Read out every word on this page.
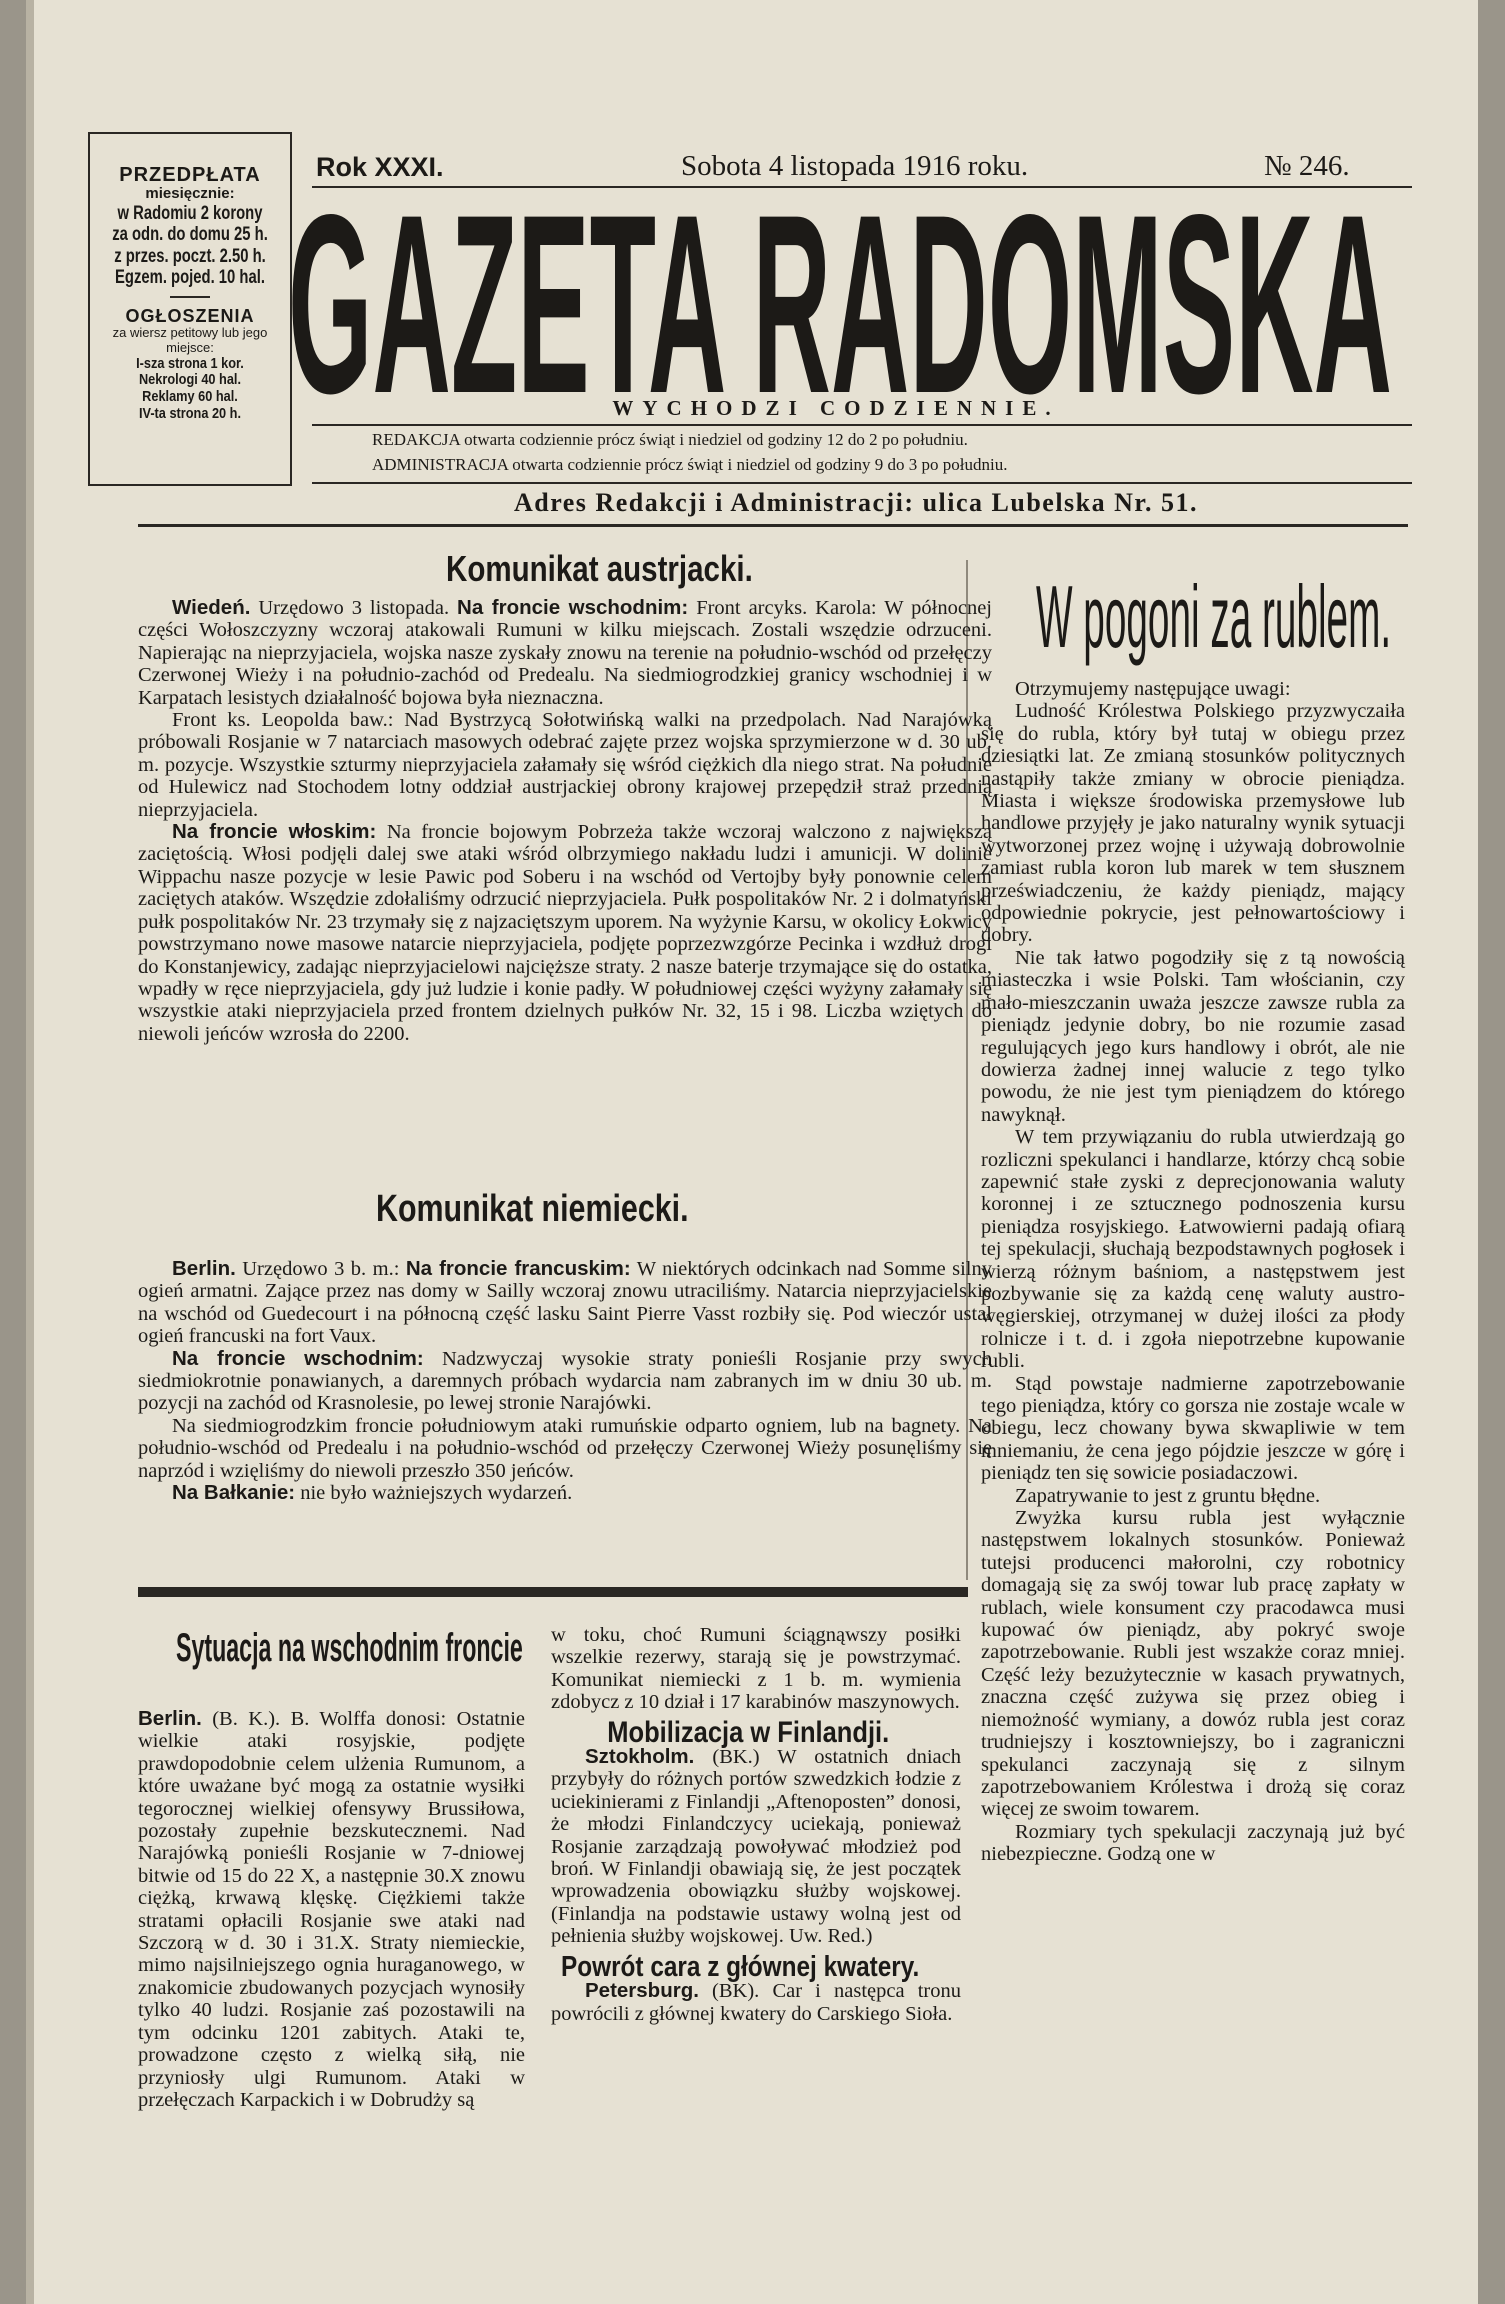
PRZEDPŁATA
miesięcznie:
w Radomiu 2 korony
za odn. do domu 25 h.
z przes. poczt. 2.50 h.
Egzem. pojed. 10 hal.
OGŁOSZENIA
za wiersz petitowy lub jego miejsce:
I-sza strona 1 kor.
Nekrologi 40 hal.
Reklamy 60 hal.
IV-ta strona 20 h.
Rok XXXI.	Sobota 4 listopada 1916 roku.	№ 246.
GAZETA RADOMSKA
WYCHODZI CODZIENNIE.
REDAKCJA otwarta codziennie prócz świąt i niedziel od godziny 12 do 2 po południu.
ADMINISTRACJA otwarta codziennie prócz świąt i niedziel od godziny 9 do 3 po południu.
Adres Redakcji i Administracji: ulica Lubelska Nr. 51.
Komunikat austrjacki.

Wiedeń. Urzędowo 3 listopada. Na froncie wschodnim: Front arcyks. Karola: W północnej części Wołoszczyzny wczoraj atakowali Rumuni w kilku miejscach. Zostali wszędzie odrzuceni. Napierając na nieprzyjaciela, wojska nasze zyskały znowu na terenie na południo-wschód od przełęczy Czerwonej Wieży i na południo-zachód od Predealu. Na siedmiogrodzkiej granicy wschodniej i w Karpatach lesistych działalność bojowa była nieznaczna.

Front ks. Leopolda baw.: Nad Bystrzycą Sołotwińską walki na przedpolach. Nad Narajówką próbowali Rosjanie w 7 natarciach masowych odebrać zajęte przez wojska sprzymierzone w d. 30 ub. m. pozycje. Wszystkie szturmy nieprzyjaciela załamały się wśród ciężkich dla niego strat. Na południe od Hulewicz nad Stochodem lotny oddział austrjackiej obrony krajowej przepędził straż przednią nieprzyjaciela.

Na froncie włoskim: Na froncie bojowym Pobrzeża także wczoraj walczono z największą zaciętością. Włosi podjęli dalej swe ataki wśród olbrzymiego nakładu ludzi i amunicji. W dolinie Wippachu nasze pozycje w lesie Pawic pod Soberu i na wschód od Vertojby były ponownie celem zaciętych ataków. Wszędzie zdołaliśmy odrzucić nieprzyjaciela. Pułk pospolitaków Nr. 2 i dolmatyński pułk pospolitaków Nr. 23 trzymały się z najzaciętszym uporem. Na wyżynie Karsu, w okolicy Łokwicy powstrzymano nowe masowe natarcie nieprzyjaciela, podjęte poprzezwzgórze Pecinka i wzdłuż drogi do Konstanjewicy, zadając nieprzyjacielowi najcięższe straty. 2 nasze baterje trzymające się do ostatka, wpadły w ręce nieprzyjaciela, gdy już ludzie i konie padły. W południowej części wyżyny załamały się wszystkie ataki nieprzyjaciela przed frontem dzielnych pułków Nr. 32, 15 i 98. Liczba wziętych do niewoli jeńców wzrosła do 2200.

Komunikat niemiecki.

Berlin. Urzędowo 3 b. m.: Na froncie francuskim: W niektórych odcinkach nad Somme silny ogień armatni. Zające przez nas domy w Sailly wczoraj znowu utraciliśmy. Natarcia nieprzyjacielskie na wschód od Guedecourt i na północną część lasku Saint Pierre Vasst rozbiły się. Pod wieczór ustał ogień francuski na fort Vaux.

Na froncie wschodnim: Nadzwyczaj wysokie straty ponieśli Rosjanie przy swych siedmiokrotnie ponawianych, a daremnych próbach wydarcia nam zabranych im w dniu 30 ub. m. pozycji na zachód od Krasnolesie, po lewej stronie Narajówki.

Na siedmiogrodzkim froncie południowym ataki rumuńskie odparto ogniem, lub na bagnety. Na południo-wschód od Predealu i na południo-wschód od przełęczy Czerwonej Wieży posunęliśmy się naprzód i wzięliśmy do niewoli przeszło 350 jeńców.

Na Bałkanie: nie było ważniejszych wydarzeń.

Sytuacja na wschodnim froncie

Berlin. (B. K.). B. Wolffa donosi: Ostatnie wielkie ataki rosyjskie, podjęte prawdopodobnie celem ulżenia Rumunom, a które uważane być mogą za ostatnie wysiłki tegorocznej wielkiej ofensywy Brussiłowa, pozostały zupełnie bezskutecznemi. Nad Narajówką ponieśli Rosjanie w 7-dniowej bitwie od 15 do 22 X, a następnie 30.X znowu ciężką, krwawą klęskę. Ciężkiemi także stratami opłacili Rosjanie swe ataki nad Szczorą w d. 30 i 31.X. Straty niemieckie, mimo najsilniejszego ognia huraganowego, w znakomicie zbudowanych pozycjach wynosiły tylko 40 ludzi. Rosjanie zaś pozostawili na tym odcinku 1201 zabitych. Ataki te, prowadzone często z wielką siłą, nie przyniosły ulgi Rumunom. Ataki w przełęczach Karpackich i w Dobrudży są

w toku, choć Rumuni ściągnąwszy posiłki wszelkie rezerwy, starają się je powstrzymać. Komunikat niemiecki z 1 b. m. wymienia zdobycz z 10 dział i 17 karabinów maszynowych.

Mobilizacja w Finlandji.

Sztokholm. (BK.) W ostatnich dniach przybyły do różnych portów szwedzkich łodzie z uciekinierami z Finlandji „Aftenoposten” donosi, że młodzi Finlandczycy uciekają, ponieważ Rosjanie zarządzają powoływać młodzież pod broń. W Finlandji obawiają się, że jest początek wprowadzenia obowiązku służby wojskowej. (Finlandja na podstawie ustawy wolną jest od pełnienia służby wojskowej. Uw. Red.)

Powrót cara z głównej kwatery.

Petersburg. (BK). Car i następca tronu powrócili z głównej kwatery do Carskiego Sioła.

W pogoni za rublem.

Otrzymujemy następujące uwagi:

Ludność Królestwa Polskiego przyzwyczaiła się do rubla, który był tutaj w obiegu przez dziesiątki lat. Ze zmianą stosunków politycznych nastąpiły także zmiany w obrocie pieniądza. Miasta i większe środowiska przemysłowe lub handlowe przyjęły je jako naturalny wynik sytuacji wytworzonej przez wojnę i używają dobrowolnie zamiast rubla koron lub marek w tem słusznem przeświadczeniu, że każdy pieniądz, mający odpowiednie pokrycie, jest pełnowartościowy i dobry.

Nie tak łatwo pogodziły się z tą nowością miasteczka i wsie Polski. Tam włościanin, czy mało-mieszczanin uważa jeszcze zawsze rubla za pieniądz jedynie dobry, bo nie rozumie zasad regulujących jego kurs handlowy i obrót, ale nie dowierza żadnej innej walucie z tego tylko powodu, że nie jest tym pieniądzem do którego nawyknął.

W tem przywiązaniu do rubla utwierdzają go rozliczni spekulanci i handlarze, którzy chcą sobie zapewnić stałe zyski z deprecjonowania waluty koronnej i ze sztucznego podnoszenia kursu pieniądza rosyjskiego. Łatwowierni padają ofiarą tej spekulacji, słuchają bezpodstawnych pogłosek i wierzą różnym baśniom, a następstwem jest pozbywanie się za każdą cenę waluty austro-węgierskiej, otrzymanej w dużej ilości za płody rolnicze i t. d. i zgoła niepotrzebne kupowanie rubli.

Stąd powstaje nadmierne zapotrzebowanie tego pieniądza, który co gorsza nie zostaje wcale w obiegu, lecz chowany bywa skwapliwie w tem mniemaniu, że cena jego pójdzie jeszcze w górę i pieniądz ten się sowicie posiadaczowi.

Zapatrywanie to jest z gruntu błędne.

Zwyżka kursu rubla jest wyłącznie następstwem lokalnych stosunków. Ponieważ tutejsi producenci małorolni, czy robotnicy domagają się za swój towar lub pracę zapłaty w rublach, wiele konsument czy pracodawca musi kupować ów pieniądz, aby pokryć swoje zapotrzebowanie. Rubli jest wszakże coraz mniej. Część leży bezużytecznie w kasach prywatnych, znaczna część zużywa się przez obieg i niemożność wymiany, a dowóz rubla jest coraz trudniejszy i kosztowniejszy, bo i zagraniczni spekulanci zaczynają się z silnym zapotrzebowaniem Królestwa i drożą się coraz więcej ze swoim towarem.

Rozmiary tych spekulacji zaczynają już być niebezpieczne. Godzą one w
